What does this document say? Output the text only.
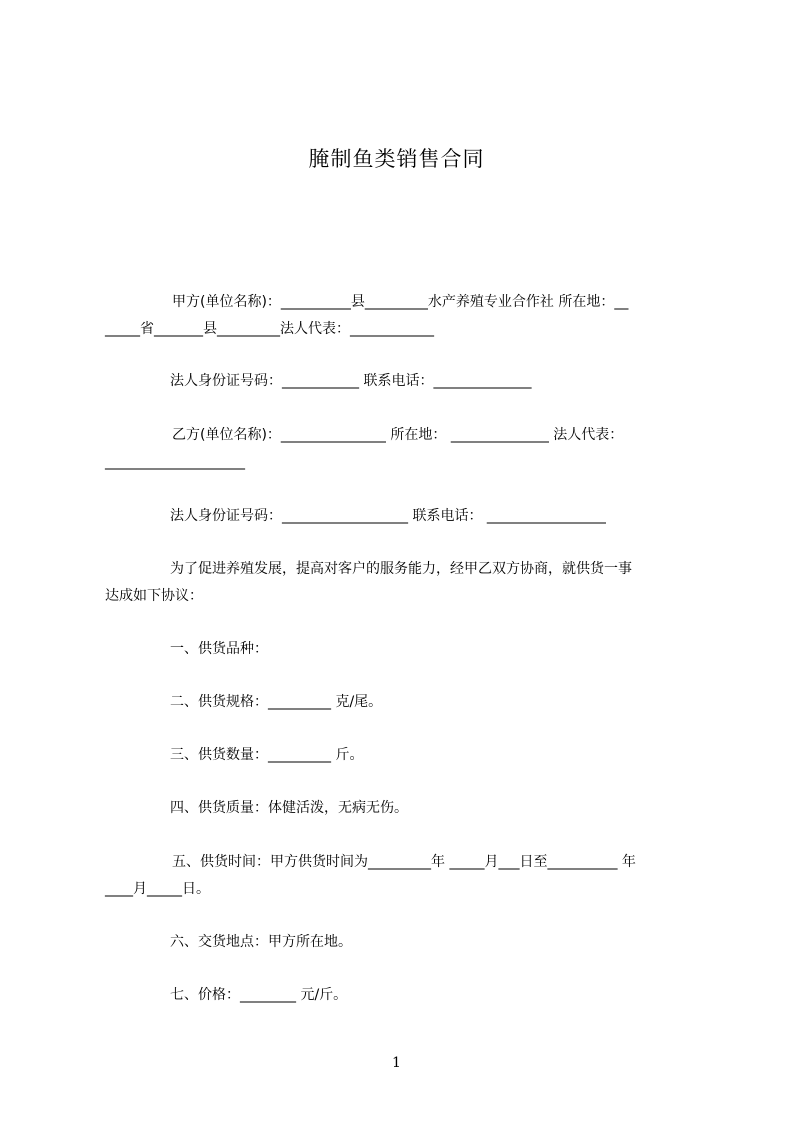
腌制鱼类销售合同
甲方(单位名称)：__________县_________水产养殖专业合作社 所在地：__
_____省_______县_________法人代表：____________
法人身份证号码：___________ 联系电话：______________
乙方(单位名称)：_______________ 所在地： ______________ 法人代表：
____________________
法人身份证号码：__________________ 联系电话： _________________
为了促进养殖发展，提高对客户的服务能力，经甲乙双方协商，就供货一事
达成如下协议：
一、供货品种：
二、供货规格：_________ 克/尾。
三、供货数量：_________ 斤。
四、供货质量：体健活泼，无病无伤。
五、供货时间：甲方供货时间为_________年 _____月___日至__________ 年
____月_____日。
六、交货地点：甲方所在地。
七、价格：________ 元/斤。
1
